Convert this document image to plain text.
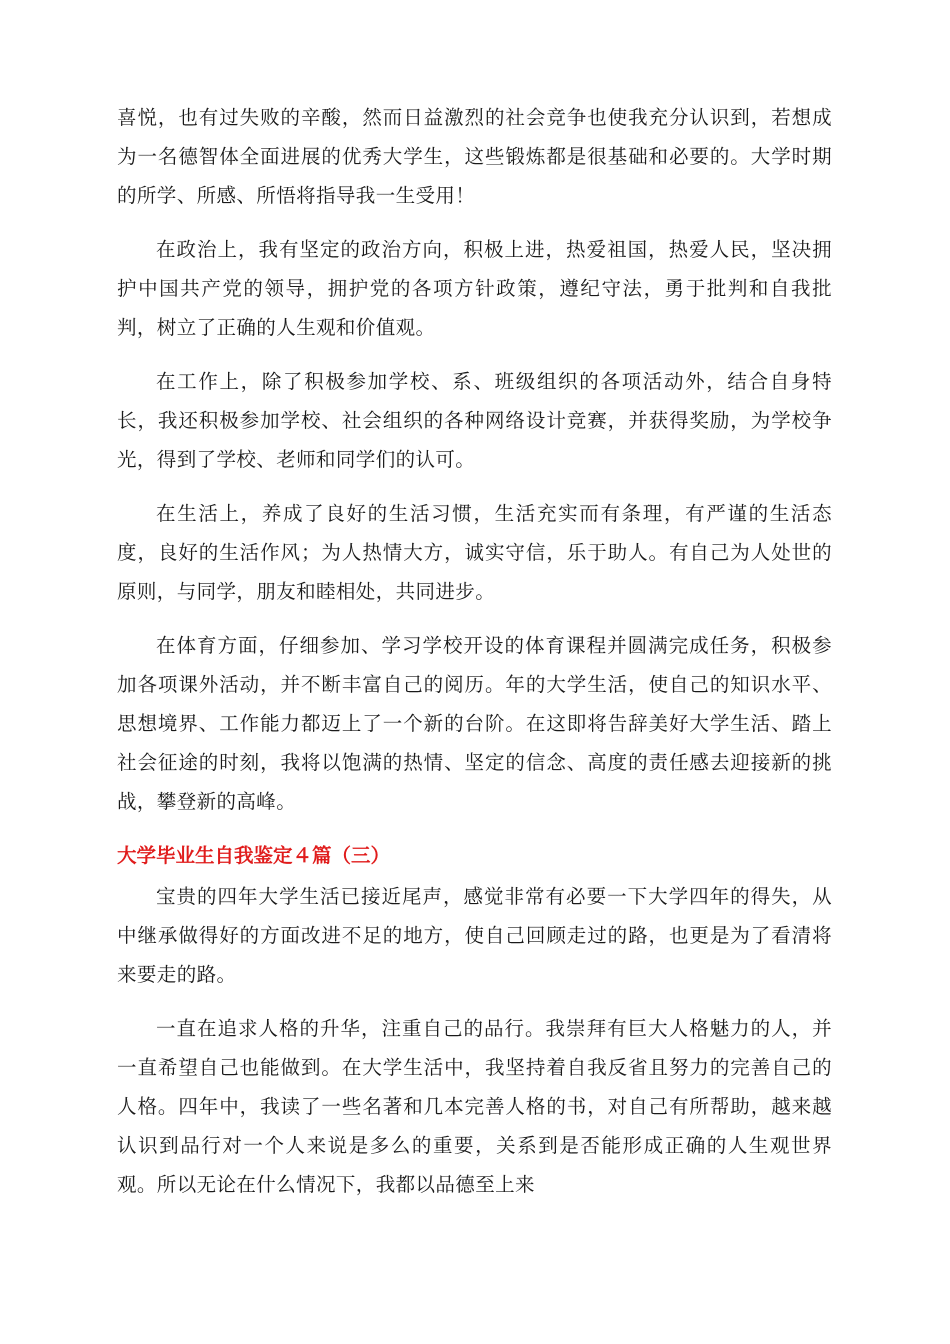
喜悦，也有过失败的辛酸，然而日益激烈的社会竞争也使我充分认识到，若想成为一名德智体全面进展的优秀大学生，这些锻炼都是很基础和必要的。大学时期的所学、所感、所悟将指导我一生受用！

在政治上，我有坚定的政治方向，积极上进，热爱祖国，热爱人民，坚决拥护中国共产党的领导，拥护党的各项方针政策，遵纪守法，勇于批判和自我批判，树立了正确的人生观和价值观。

在工作上，除了积极参加学校、系、班级组织的各项活动外，结合自身特长，我还积极参加学校、社会组织的各种网络设计竞赛，并获得奖励，为学校争光，得到了学校、老师和同学们的认可。

在生活上，养成了良好的生活习惯，生活充实而有条理，有严谨的生活态度，良好的生活作风；为人热情大方，诚实守信，乐于助人。有自己为人处世的原则，与同学，朋友和睦相处，共同进步。

在体育方面，仔细参加、学习学校开设的体育课程并圆满完成任务，积极参加各项课外活动，并不断丰富自己的阅历。年的大学生活，使自己的知识水平、思想境界、工作能力都迈上了一个新的台阶。在这即将告辞美好大学生活、踏上社会征途的时刻，我将以饱满的热情、坚定的信念、高度的责任感去迎接新的挑战，攀登新的高峰。

大学毕业生自我鉴定４篇（三）

宝贵的四年大学生活已接近尾声，感觉非常有必要一下大学四年的得失，从中继承做得好的方面改进不足的地方，使自己回顾走过的路，也更是为了看清将来要走的路。

一直在追求人格的升华，注重自己的品行。我崇拜有巨大人格魅力的人，并一直希望自己也能做到。在大学生活中，我坚持着自我反省且努力的完善自己的人格。四年中，我读了一些名著和几本完善人格的书，对自己有所帮助，越来越认识到品行对一个人来说是多么的重要，关系到是否能形成正确的人生观世界观。所以无论在什么情况下，我都以品德至上来
